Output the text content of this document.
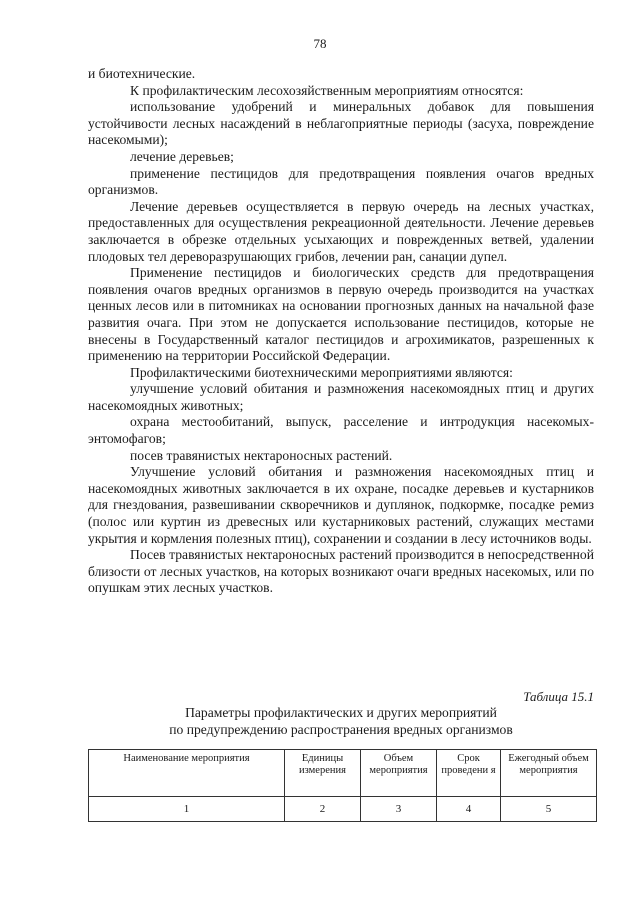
78

и биотехнические.

К профилактическим лесохозяйственным мероприятиям относятся:

использование удобрений и минеральных добавок для повышения устойчивости лесных насаждений в неблагоприятные периоды (засуха, повреждение насекомыми);

лечение деревьев;

применение пестицидов для предотвращения появления очагов вредных организмов.

Лечение деревьев осуществляется в первую очередь на лесных участках, предоставленных для осуществления рекреационной деятельности. Лечение деревьев заключается в обрезке отдельных усыхающих и поврежденных ветвей, удалении плодовых тел дереворазрушающих грибов, лечении ран, санации дупел.

Применение пестицидов и биологических средств для предотвращения появления очагов вредных организмов в первую очередь производится на участках ценных лесов или в питомниках на основании прогнозных данных на начальной фазе развития очага. При этом не допускается использование пестицидов, которые не внесены в Государственный каталог пестицидов и агрохимикатов, разрешенных к применению на территории Российской Федерации.

Профилактическими биотехническими мероприятиями являются:

улучшение условий обитания и размножения насекомоядных птиц и других насекомоядных животных;

охрана местообитаний, выпуск, расселение и интродукция насекомых-энтомофагов;

посев травянистых нектароносных растений.

Улучшение условий обитания и размножения насекомоядных птиц и насекомоядных животных заключается в их охране, посадке деревьев и кустарников для гнездования, развешивании скворечников и дуплянок, подкормке, посадке ремиз (полос или куртин из древесных или кустарниковых растений, служащих местами укрытия и кормления полезных птиц), сохранении и создании в лесу источников воды.

Посев травянистых нектароносных растений производится в непосредственной близости от лесных участков, на которых возникают очаги вредных насекомых, или по опушкам этих лесных участков.

Таблица 15.1
Параметры профилактических и других мероприятий
по предупреждению распространения вредных организмов
Наименование мероприятия	Единицы измерения	Объем мероприятия	Срок проведени я	Ежегодный объем мероприятия

1	2	3	4	5
